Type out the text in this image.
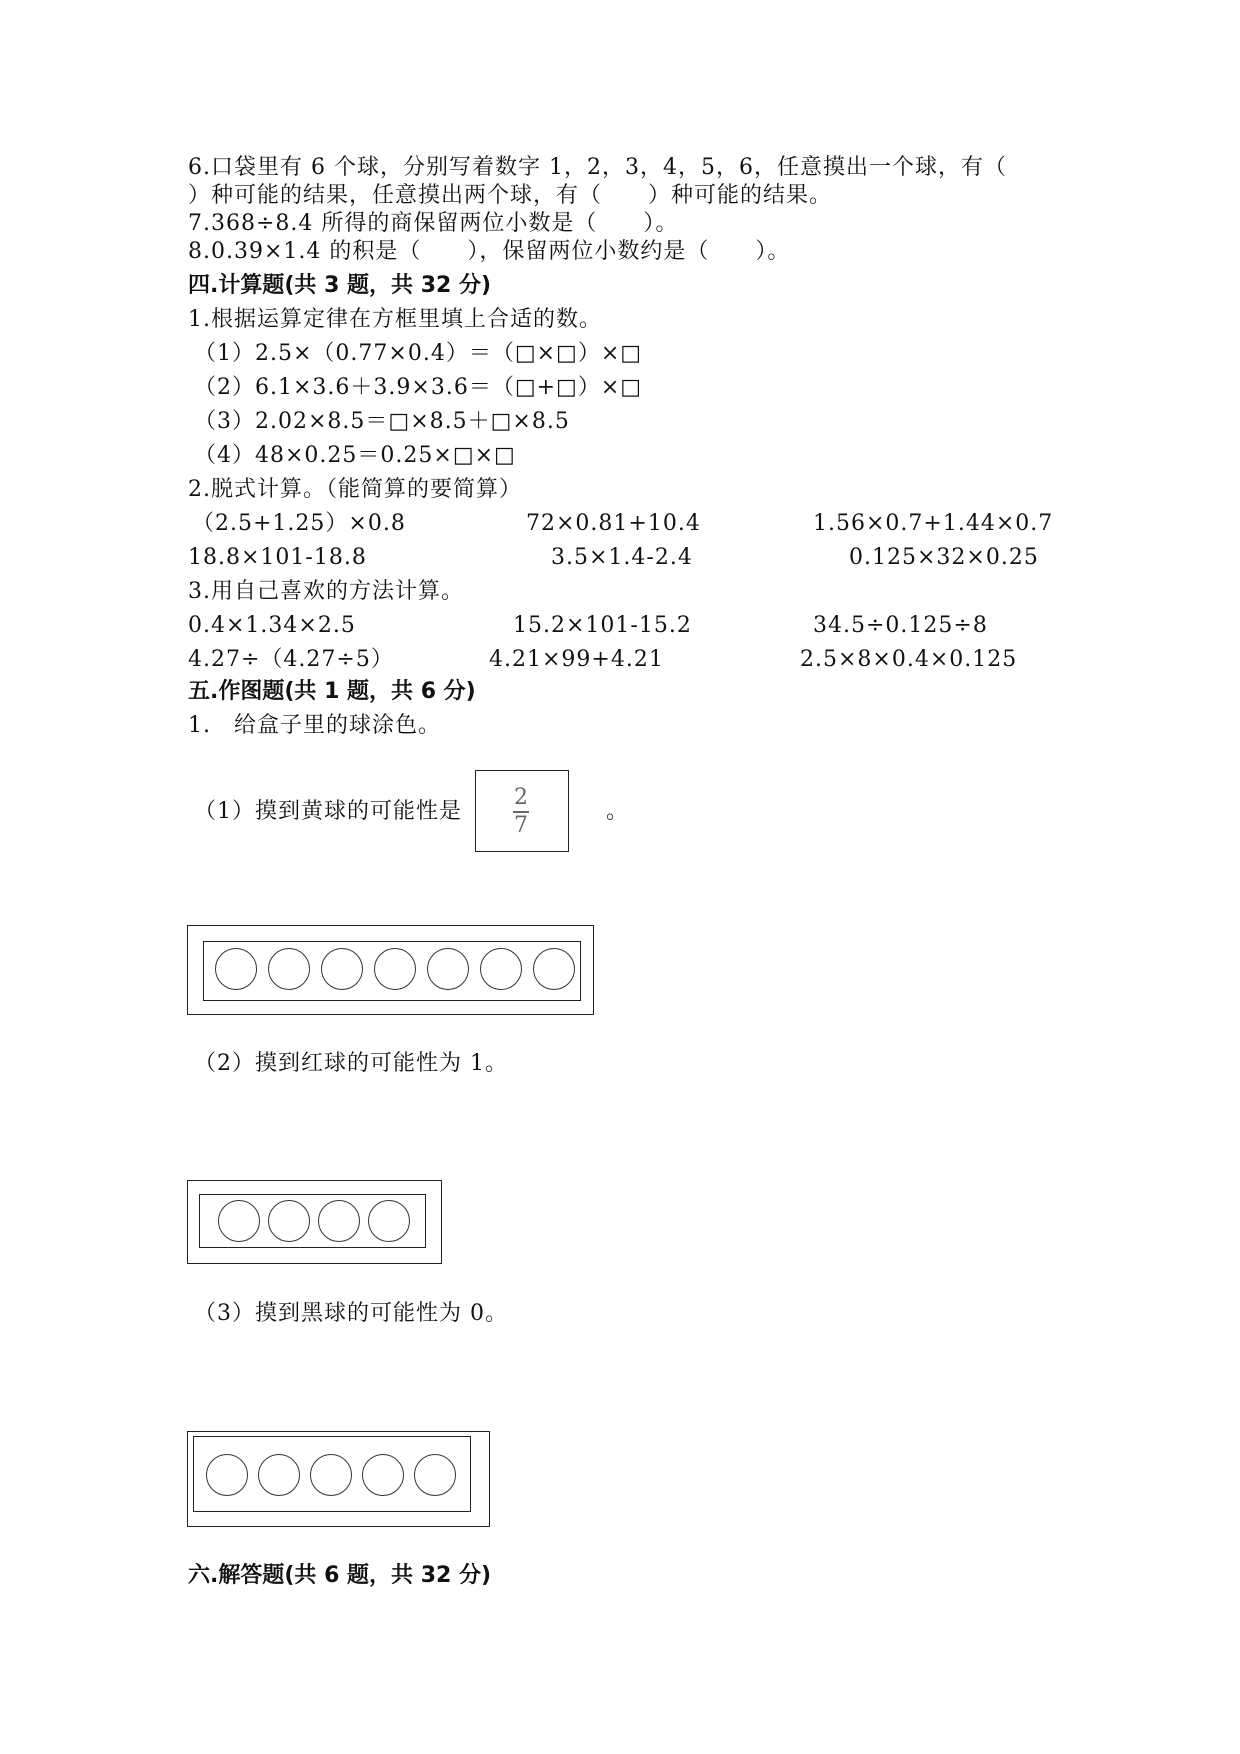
6.口袋里有 6 个球，分别写着数字 1，2，3，4，5，6，任意摸出一个球，有（
）种可能的结果，任意摸出两个球，有（　　）种可能的结果。
7.368÷8.4 所得的商保留两位小数是（　　）。
8.0.39×1.4 的积是（　　），保留两位小数约是（　　）。
四.计算题(共 3 题，共 32 分)
1.根据运算定律在方框里填上合适的数。
（1）2.5×（0.77×0.4）＝（□×□）×□
（2）6.1×3.6＋3.9×3.6＝（□+□）×□
（3）2.02×8.5＝□×8.5＋□×8.5
（4）48×0.25＝0.25×□×□
2.脱式计算。（能简算的要简算）
（2.5+1.25）×0.8	72×0.81+10.4	1.56×0.7+1.44×0.7
18.8×101-18.8	3.5×1.4-2.4	0.125×32×0.25
3.用自己喜欢的方法计算。
0.4×1.34×2.5	15.2×101-15.2	34.5÷0.125÷8
4.27÷（4.27÷5）	4.21×99+4.21	2.5×8×0.4×0.125
五.作图题(共 1 题，共 6 分)
1.　给盒子里的球涂色。
（1）摸到黄球的可能性是
2
7
。
（2）摸到红球的可能性为 1。
（3）摸到黑球的可能性为 0。
六.解答题(共 6 题，共 32 分)
